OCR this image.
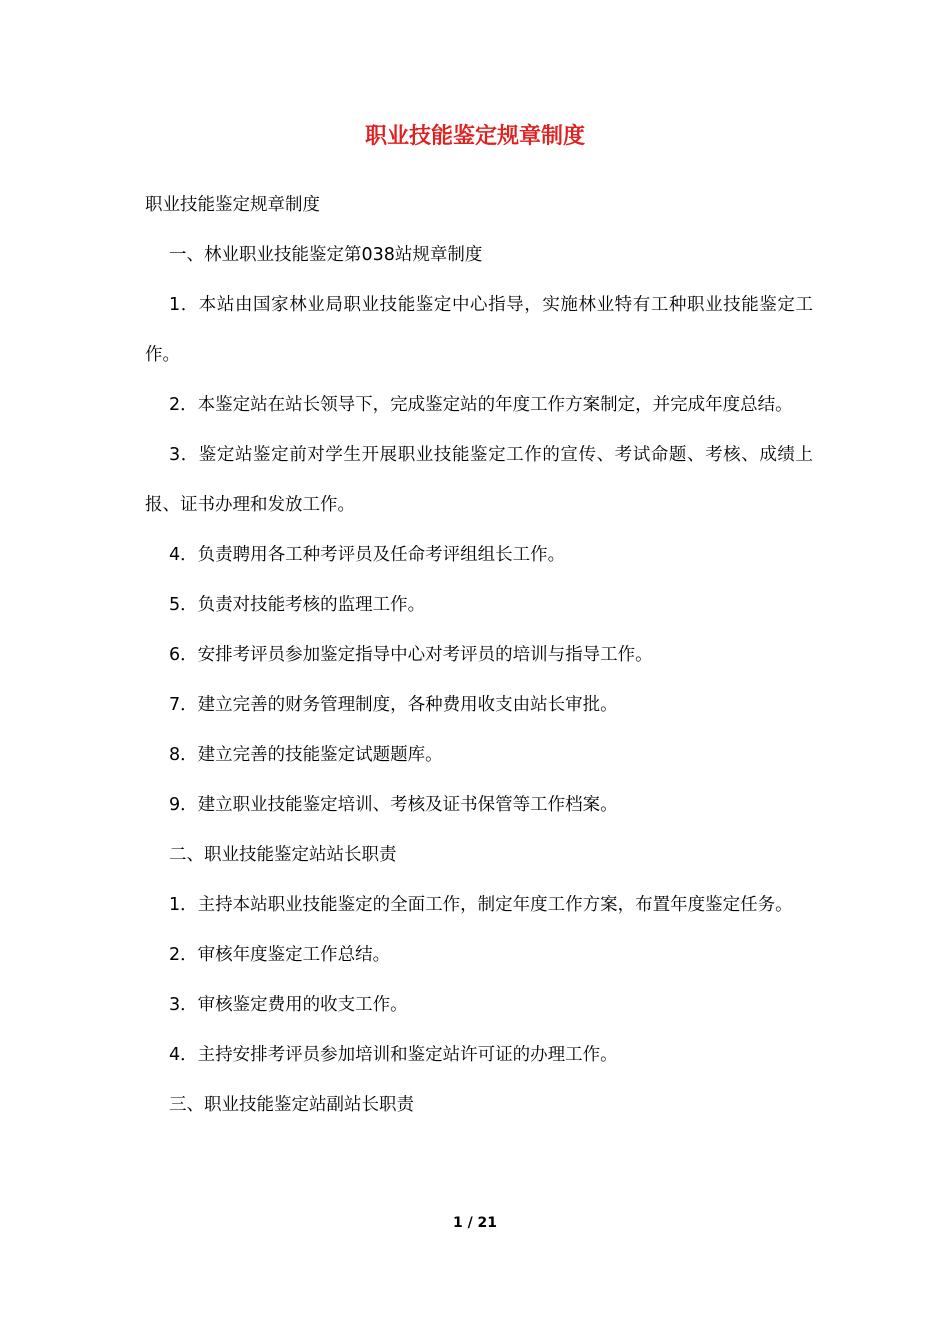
职业技能鉴定规章制度

职业技能鉴定规章制度

一、林业职业技能鉴定第038站规章制度

1．本站由国家林业局职业技能鉴定中心指导，实施林业特有工种职业技能鉴定工作。

2．本鉴定站在站长领导下，完成鉴定站的年度工作方案制定，并完成年度总结。

3．鉴定站鉴定前对学生开展职业技能鉴定工作的宣传、考试命题、考核、成绩上报、证书办理和发放工作。

4．负责聘用各工种考评员及任命考评组组长工作。

5．负责对技能考核的监理工作。

6．安排考评员参加鉴定指导中心对考评员的培训与指导工作。

7．建立完善的财务管理制度，各种费用收支由站长审批。

8．建立完善的技能鉴定试题题库。

9．建立职业技能鉴定培训、考核及证书保管等工作档案。

二、职业技能鉴定站站长职责

1．主持本站职业技能鉴定的全面工作，制定年度工作方案，布置年度鉴定任务。

2．审核年度鉴定工作总结。

3．审核鉴定费用的收支工作。

4．主持安排考评员参加培训和鉴定站许可证的办理工作。

三、职业技能鉴定站副站长职责

1 / 21
